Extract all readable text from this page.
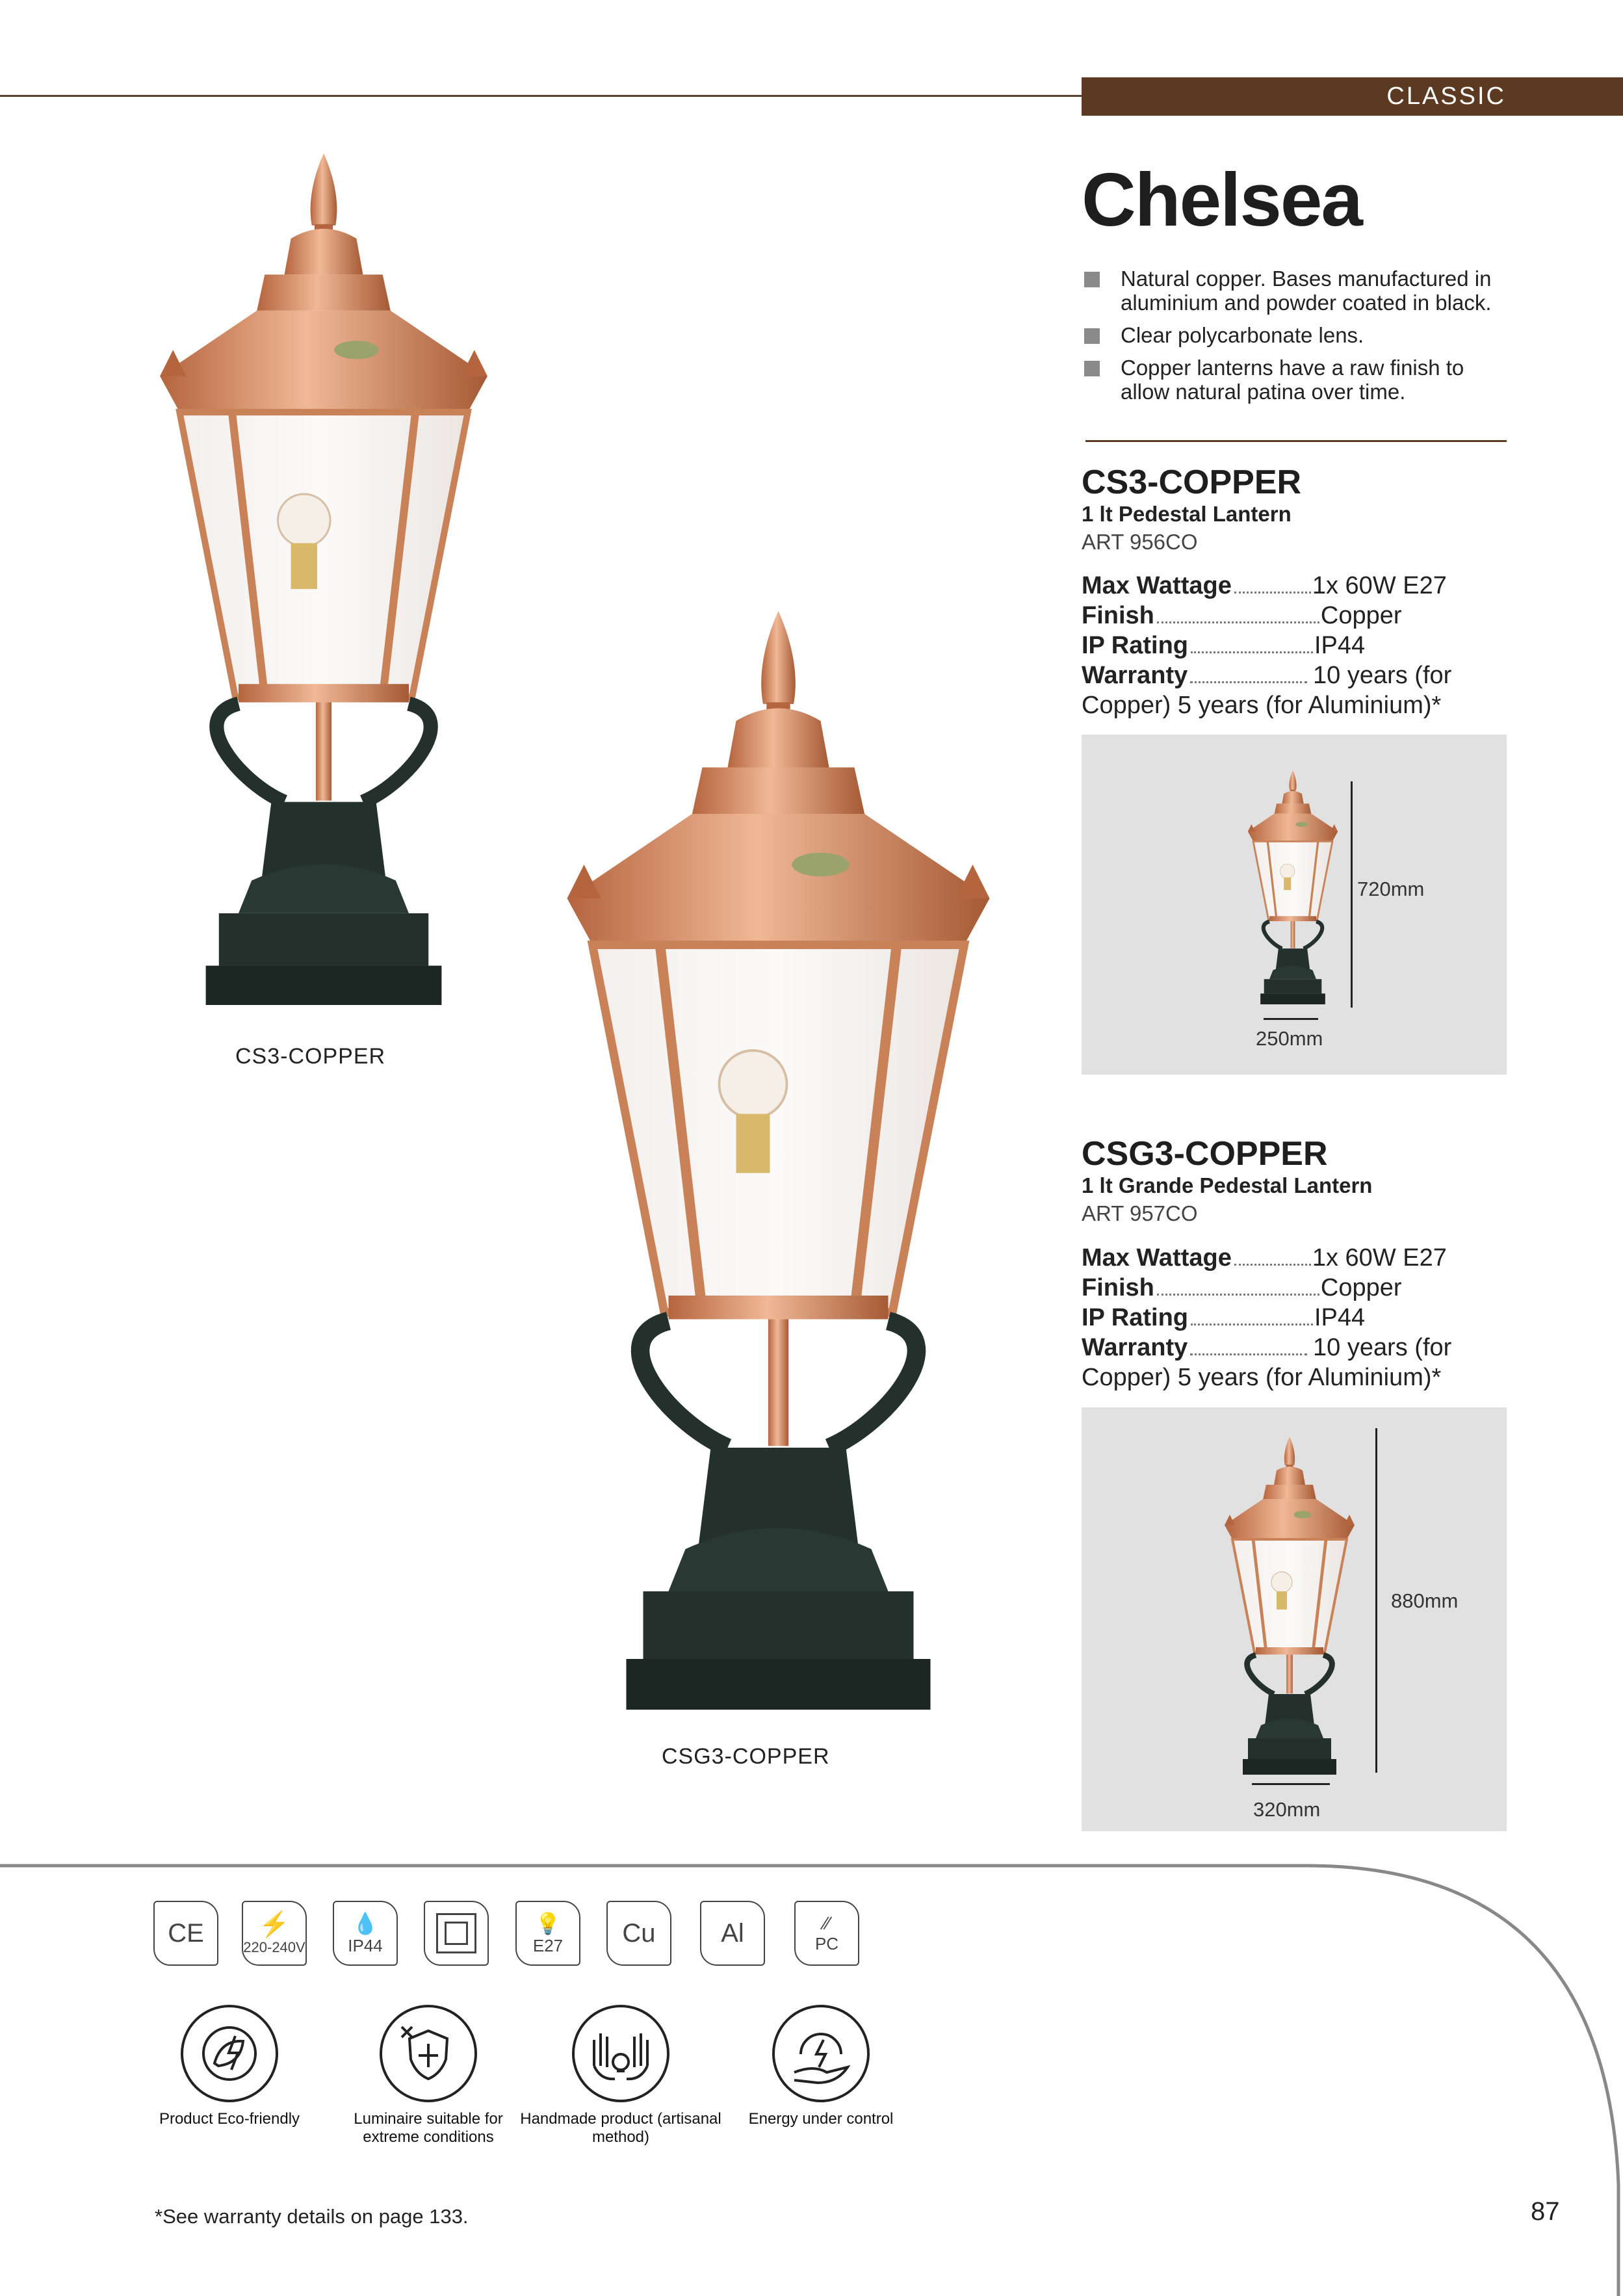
CLASSIC
Chelsea
Natural copper. Bases manufactured in aluminium and powder coated in black.
Clear polycarbonate lens.
Copper lanterns have a raw finish to allow natural patina over time.
CS3-COPPER
CSG3-COPPER
CS3-COPPER
1 lt Pedestal Lantern
ART 956CO
Max Wattage	1x 60W E27
Finish	Copper
IP Rating	IP44
Warranty	10 years (for Copper) 5 years (for Aluminium)*
720mm
250mm
CSG3-COPPER
1 lt Grande Pedestal Lantern
ART 957CO
Max Wattage	1x 60W E27
Finish	Copper
IP Rating	IP44
Warranty	10 years (for Copper) 5 years (for Aluminium)*
880mm
320mm
CE ⚡
220-240V
💧
IP44
💡
E27 Cu	Al	∕∕
PC
Product Eco-friendly	Luminaire suitable for extreme conditions
Handmade product (artisanal method)
Energy under control
*See warranty details on page 133.	87
